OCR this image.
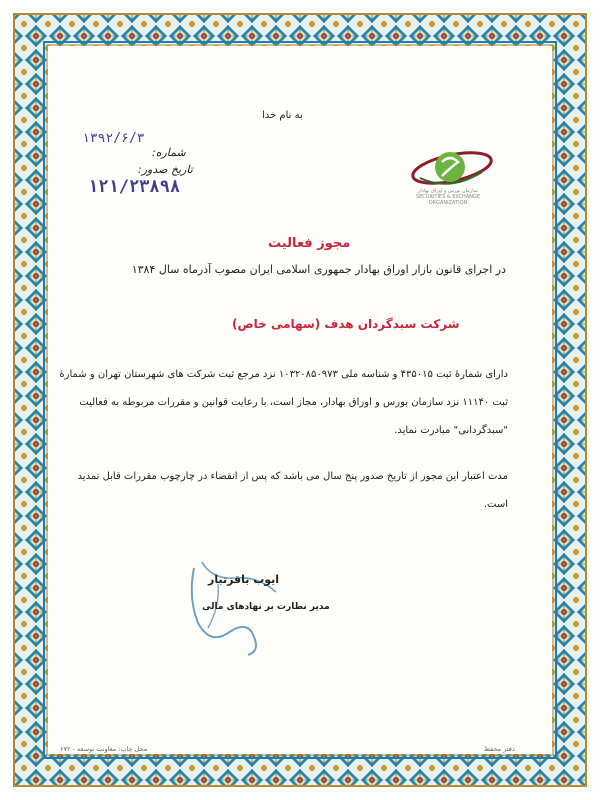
به نام خدا
سازمان بورس و اوراق بهادار
SECURITIES & EXCHANGE ORGANIZATION
شماره:
۱۳۹۲/۶/۳
تاریخ صدور:
۱۲۱/۲۳۸۹۸
مجوز فعالیت
در اجرای قانون بازار اوراق بهادار جمهوری اسلامی ایران مصوب آذرماه سال ۱۳۸۴
شرکت سبدگردان هدف (سهامی خاص)
دارای شمارۀ ثبت ۴۳۵۰۱۵ و شناسه ملی ۱۰۳۲۰۸۵۰۹۷۳ نزد مرجع ثبت شرکت های شهرستان تهران و شمارۀ
ثبت ۱۱۱۴۰ نزد سازمان بورس و اوراق بهادار، مجاز است، با رعایت قوانین و مقررات مربوطه به فعالیت
"سبدگردانی" مبادرت نماید.
مدت اعتبار این مجوز از تاریخ صدور پنج سال می باشد که پس از انقضاء در چارچوب مقررات قابل تمدید
است.
ایوب باقرتبار
مدیر نظارت بر نهادهای مالی
محل چاپ: معاونت توسعه - ۶۷۲	دفتر محفظ
